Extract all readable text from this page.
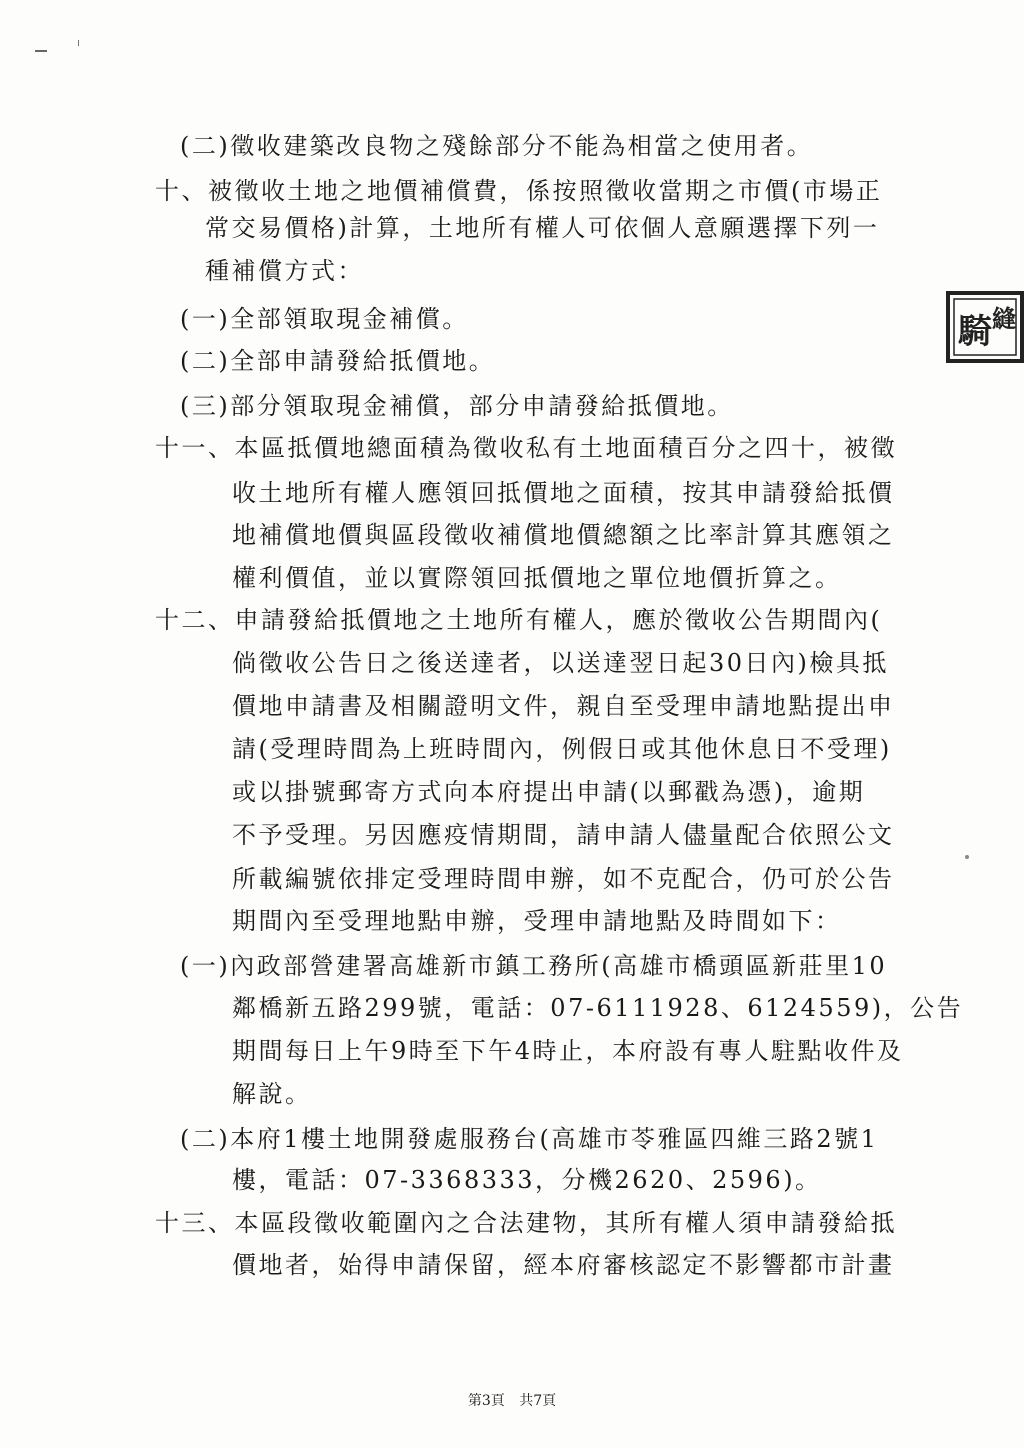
(二)徵收建築改良物之殘餘部分不能為相當之使用者。
十、被徵收土地之地價補償費，係按照徵收當期之市價(市場正
常交易價格)計算，土地所有權人可依個人意願選擇下列一
種補償方式：
(一)全部領取現金補償。
(二)全部申請發給抵價地。
(三)部分領取現金補償，部分申請發給抵價地。
十一、本區抵價地總面積為徵收私有土地面積百分之四十，被徵
收土地所有權人應領回抵價地之面積，按其申請發給抵價
地補償地價與區段徵收補償地價總額之比率計算其應領之
權利價值，並以實際領回抵價地之單位地價折算之。
十二、申請發給抵價地之土地所有權人，應於徵收公告期間內(
倘徵收公告日之後送達者，以送達翌日起30日內)檢具抵
價地申請書及相關證明文件，親自至受理申請地點提出申
請(受理時間為上班時間內，例假日或其他休息日不受理)
或以掛號郵寄方式向本府提出申請(以郵戳為憑)，逾期
不予受理。另因應疫情期間，請申請人儘量配合依照公文
所載編號依排定受理時間申辦，如不克配合，仍可於公告
期間內至受理地點申辦，受理申請地點及時間如下：
(一)內政部營建署高雄新市鎮工務所(高雄市橋頭區新莊里10
鄰橋新五路299號，電話：07-6111928、6124559)，公告
期間每日上午9時至下午4時止，本府設有專人駐點收件及
解說。
(二)本府1樓土地開發處服務台(高雄市苓雅區四維三路2號1
樓，電話：07-3368333，分機2620、2596)。
十三、本區段徵收範圍內之合法建物，其所有權人須申請發給抵
價地者，始得申請保留，經本府審核認定不影響都市計畫
騎 縫
第3頁 共7頁
